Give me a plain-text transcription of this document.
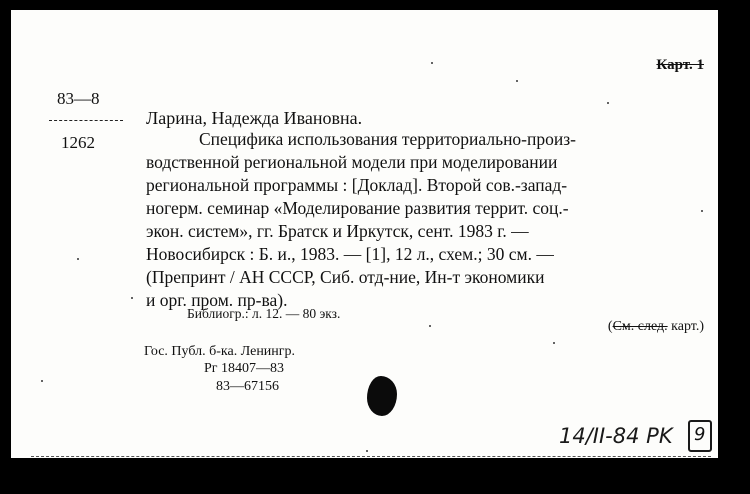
83—8
1262
Карт. 1
Ларина, Надежда Ивановна.
Специфика использования территориально-произ-
водственной региональной модели при моделировании
региональной программы : [Доклад]. Второй сов.-запад-
ногерм. семинар «Моделирование развития террит. соц.-
экон. систем», гг. Братск и Иркутск, сент. 1983 г. —
Новосибирск : Б. и., 1983. — [1], 12 л., схем.; 30 см. —
(Препринт / АН СССР, Сиб. отд-ние, Ин-т экономики
и орг. пром. пр-ва).
Библиогр.: л. 12. — 80 экз.
(См. след. карт.)
Гос. Публ. б-ка. Ленингр.
Рг 18407—83
83—67156
14/II-84 PK 9
